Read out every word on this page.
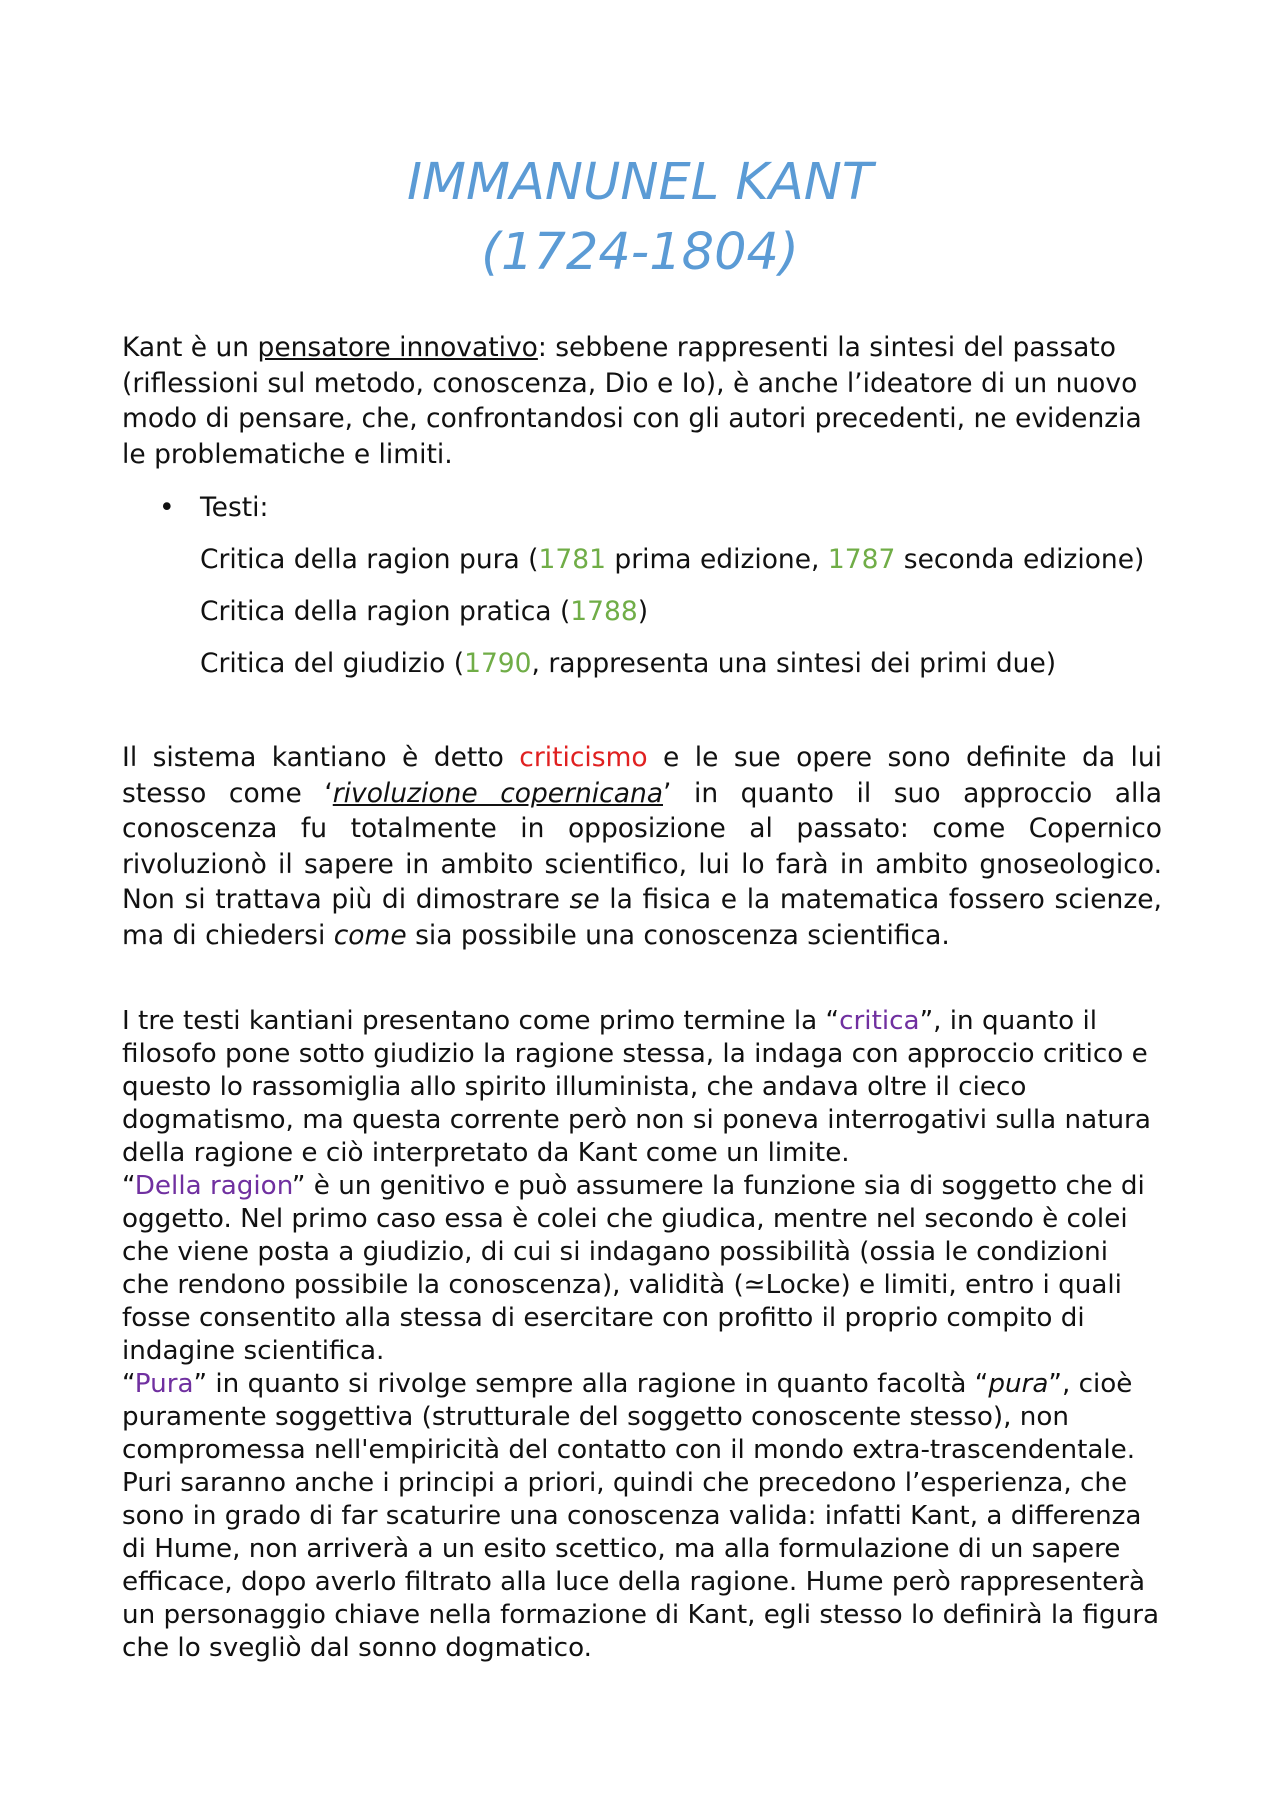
IMMANUNEL KANT
(1724-1804)

Kant è un pensatore innovativo: sebbene rappresenti la sintesi del passato (riflessioni sul metodo, conoscenza, Dio e Io), è anche l’ideatore di un nuovo modo di pensare, che, confrontandosi con gli autori precedenti, ne evidenzia le problematiche e limiti.

• Testi:

Critica della ragion pura (1781 prima edizione, 1787 seconda edizione)

Critica della ragion pratica (1788)

Critica del giudizio (1790, rappresenta una sintesi dei primi due)

Il sistema kantiano è detto criticismo e le sue opere sono definite da lui stesso come ‘rivoluzione copernicana’ in quanto il suo approccio alla conoscenza fu totalmente in opposizione al passato: come Copernico rivoluzionò il sapere in ambito scientifico, lui lo farà in ambito gnoseologico. Non si trattava più di dimostrare se la fisica e la matematica fossero scienze, ma di chiedersi come sia possibile una conoscenza scientifica.

I tre testi kantiani presentano come primo termine la “critica”, in quanto il filosofo pone sotto giudizio la ragione stessa, la indaga con approccio critico e questo lo rassomiglia allo spirito illuminista, che andava oltre il cieco dogmatismo, ma questa corrente però non si poneva interrogativi sulla natura della ragione e ciò interpretato da Kant come un limite.
“Della ragion” è un genitivo e può assumere la funzione sia di soggetto che di oggetto. Nel primo caso essa è colei che giudica, mentre nel secondo è colei che viene posta a giudizio, di cui si indagano possibilità (ossia le condizioni che rendono possibile la conoscenza), validità (≃Locke) e limiti, entro i quali fosse consentito alla stessa di esercitare con profitto il proprio compito di indagine scientifica.
“Pura” in quanto si rivolge sempre alla ragione in quanto facoltà “pura”, cioè puramente soggettiva (strutturale del soggetto conoscente stesso), non compromessa nell'empiricità del contatto con il mondo extra-trascendentale. Puri saranno anche i principi a priori, quindi che precedono l’esperienza, che sono in grado di far scaturire una conoscenza valida: infatti Kant, a differenza di Hume, non arriverà a un esito scettico, ma alla formulazione di un sapere efficace, dopo averlo filtrato alla luce della ragione. Hume però rappresenterà un personaggio chiave nella formazione di Kant, egli stesso lo definirà la figura che lo svegliò dal sonno dogmatico.
